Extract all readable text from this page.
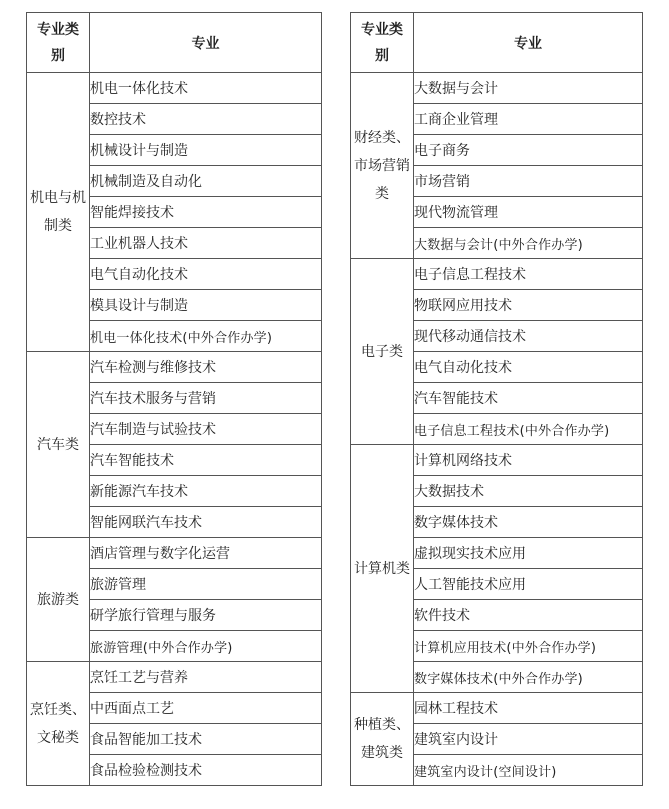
专业类别	专业
机电与机制类	机电一体化技术
	数控技术
	机械设计与制造
	机械制造及自动化
	智能焊接技术
	工业机器人技术
	电气自动化技术
	模具设计与制造
	机电一体化技术(中外合作办学)
汽车类	汽车检测与维修技术
	汽车技术服务与营销
	汽车制造与试验技术
	汽车智能技术
	新能源汽车技术
	智能网联汽车技术
旅游类	酒店管理与数字化运营
	旅游管理
	研学旅行管理与服务
	旅游管理(中外合作办学)
烹饪类、文秘类	烹饪工艺与营养
	中西面点工艺
	食品智能加工技术
	食品检验检测技术
专业类别	专业
财经类、市场营销类	大数据与会计
	工商企业管理
	电子商务
	市场营销
	现代物流管理
	大数据与会计(中外合作办学)
电子类	电子信息工程技术
	物联网应用技术
	现代移动通信技术
	电气自动化技术
	汽车智能技术
	电子信息工程技术(中外合作办学)
计算机类	计算机网络技术
	大数据技术
	数字媒体技术
	虚拟现实技术应用
	人工智能技术应用
	软件技术
	计算机应用技术(中外合作办学)
	数字媒体技术(中外合作办学)
种植类、建筑类	园林工程技术
	建筑室内设计
	建筑室内设计(空间设计)
